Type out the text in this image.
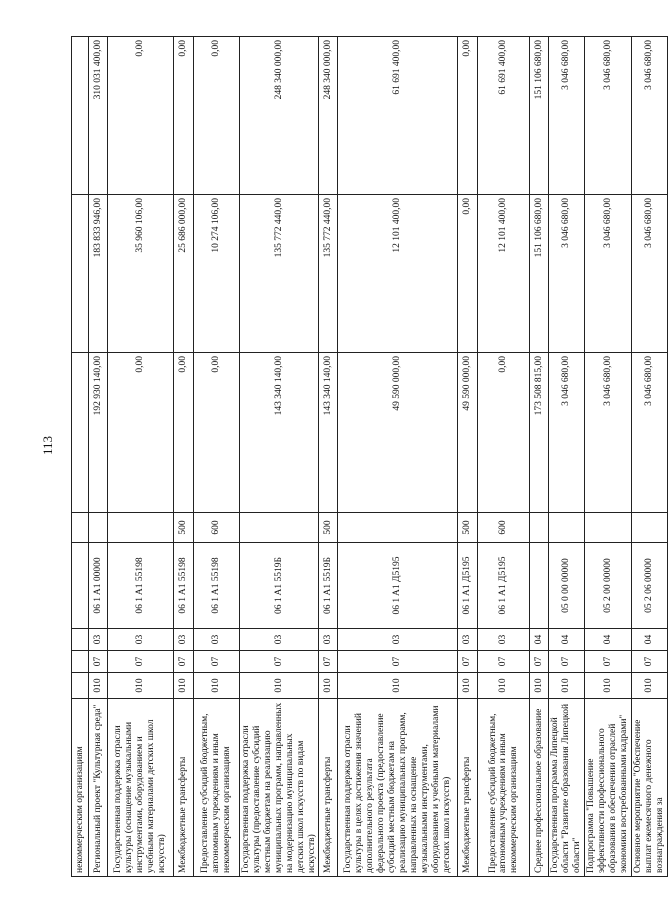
113
некоммерческим организациям								
Региональный проект "Культурная среда"	010	07	03	06 1 A1 00000		192 930 140,00	183 833 946,00	310 031 400,00
Государственная поддержка отрасли культуры (оснащение музыкальными инструментами, оборудованием и учебными материалами детских школ искусств)	010	07	03	06 1 A1 55198		0,00	35 960 106,00	0,00
Межбюджетные трансферты	010	07	03	06 1 A1 55198	500	0,00	25 686 000,00	0,00
Предоставление субсидий бюджетным, автономным учреждениям и иным некоммерческим организациям	010	07	03	06 1 A1 55198	600	0,00	10 274 106,00	0,00
Государственная поддержка отрасли культуры (предоставление субсидий местным бюджетам на реализацию муниципальных программ, направленных на модернизацию муниципальных детских школ искусств по видам искусств)	010	07	03	06 1 A1 5519Б		143 340 140,00	135 772 440,00	248 340 000,00
Межбюджетные трансферты	010	07	03	06 1 A1 5519Б	500	143 340 140,00	135 772 440,00	248 340 000,00
Государственная поддержка отрасли культуры в целях достижения значений дополнительного результата федерального проекта (предоставление субсидий местным бюджетам на реализацию муниципальных программ, направленных на оснащение музыкальными инструментами, оборудованием и учебными материалами детских школ искусств)	010	07	03	06 1 A1 Д5195		49 590 000,00	12 101 400,00	61 691 400,00
Межбюджетные трансферты	010	07	03	06 1 A1 Д5195	500	49 590 000,00	0,00	0,00
Предоставление субсидий бюджетным, автономным учреждениям и иным некоммерческим организациям	010	07	03	06 1 A1 Д5195	600	0,00	12 101 400,00	61 691 400,00
Среднее профессиональное образование	010	07	04			173 508 815,00	151 106 680,00	151 106 680,00
Государственная программа Липецкой области "Развитие образования Липецкой области"	010	07	04	05 0 00 00000		3 046 680,00	3 046 680,00	3 046 680,00
Подпрограмма "Повышение эффективности профессионального образования в обеспечении отраслей экономики востребованными кадрами"	010	07	04	05 2 00 00000		3 046 680,00	3 046 680,00	3 046 680,00
Основное мероприятие "Обеспечение выплат ежемесячного денежного вознаграждения за	010	07	04	05 2 06 00000		3 046 680,00	3 046 680,00	3 046 680,00
